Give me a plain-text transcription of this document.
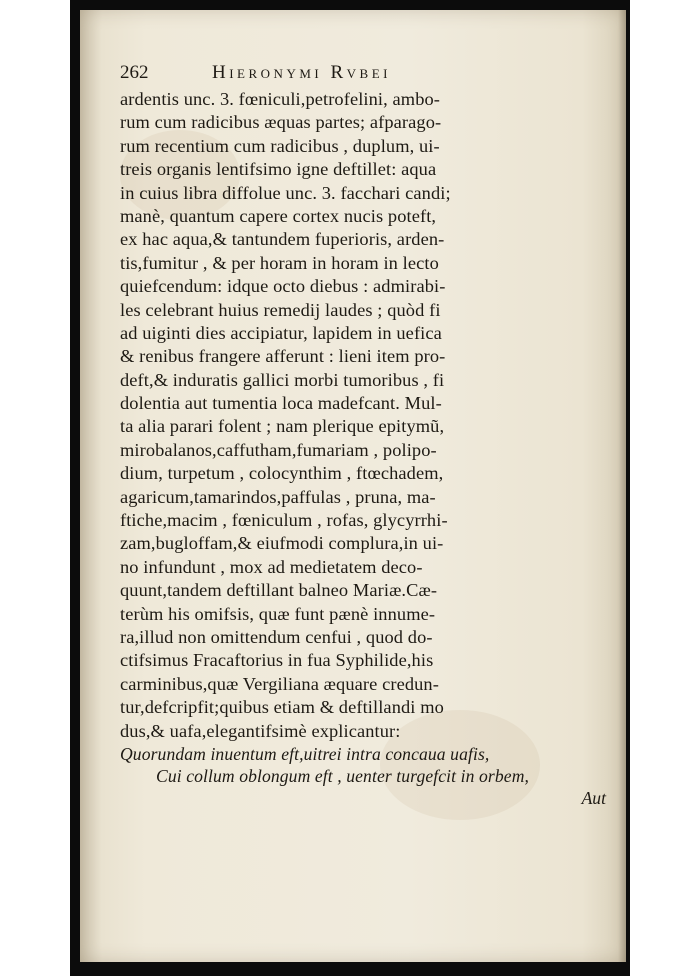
262	Hieronymi Rvbei
ardentis unc. 3. fœniculi,petrofelini, ambo-
rum cum radicibus æquas partes; afparago-
rum recentium cum radicibus , duplum, ui-
treis organis lentifsimo igne deftillet: aqua
in cuius libra diffolue unc. 3. facchari candi;
manè, quantum capere cortex nucis poteft,
ex hac aqua,& tantundem fuperioris, arden-
tis,fumitur , & per horam in horam in lecto
quiefcendum: idque octo diebus : admirabi-
les celebrant huius remedij laudes ; quòd fi
ad uiginti dies accipiatur, lapidem in uefica
& renibus frangere afferunt : lieni item pro-
deft,& induratis gallici morbi tumoribus , fi
dolentia aut tumentia loca madefcant. Mul-
ta alia parari folent ; nam plerique epitymũ,
mirobalanos,caffutham,fumariam , polipo-
dium, turpetum , colocynthim , ftœchadem,
agaricum,tamarindos,paffulas , pruna, ma-
ftiche,macim , fœniculum , rofas, glycyrrhi-
zam,bugloffam,& eiufmodi complura,in ui-
no infundunt , mox ad medietatem deco-
quunt,tandem deftillant balneo Mariæ.Cæ-
terùm his omifsis, quæ funt pænè innume-
ra,illud non omittendum cenfui , quod do-
ctifsimus Fracaftorius in fua Syphilide,his
carminibus,quæ Vergiliana æquare credun-
tur,defcripfit;quibus etiam & deftillandi mo
dus,& uafa,elegantifsimè explicantur:
Quorundam inuentum eft,uitrei intra concaua uafis,
Cui collum oblongum eft , uenter turgefcit in orbem,
Aut
